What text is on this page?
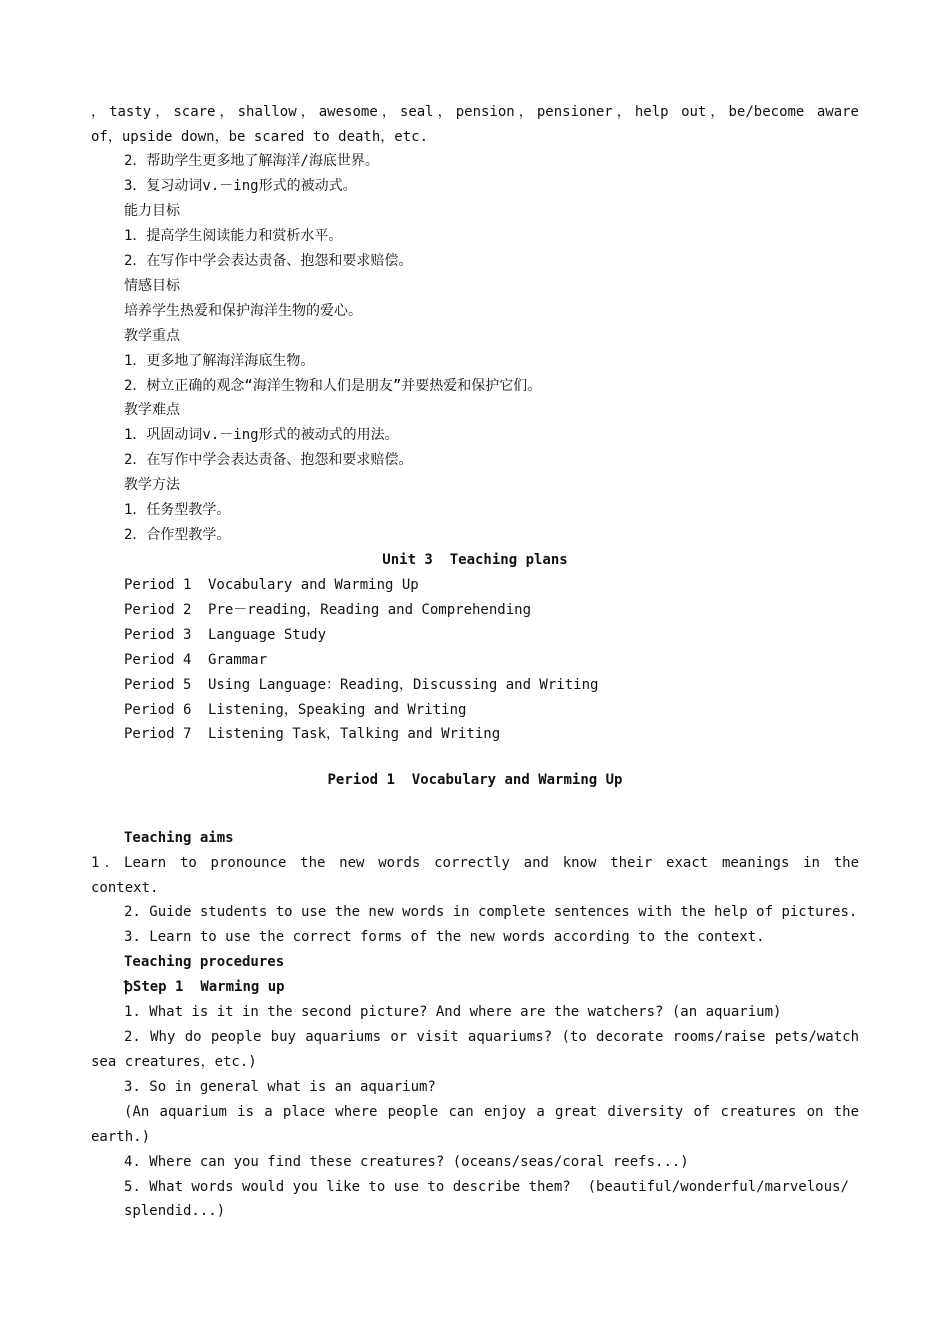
，tasty，scare，shallow，awesome，seal，pension，pensioner，help out，be/become aware
of，upside down，be scared to death，etc.
2．帮助学生更多地了解海洋/海底世界。
3．复习动词v.－ing形式的被动式。
能力目标
1．提高学生阅读能力和赏析水平。
2．在写作中学会表达责备、抱怨和要求赔偿。
情感目标
培养学生热爱和保护海洋生物的爱心。
教学重点
1．更多地了解海洋海底生物。
2．树立正确的观念“海洋生物和人们是朋友”并要热爱和保护它们。
教学难点
1．巩固动词v.－ing形式的被动式的用法。
2．在写作中学会表达责备、抱怨和要求赔偿。
教学方法
1．任务型教学。
2．合作型教学。
Unit 3  Teaching plans
Period 1 Vocabulary and Warming Up
Period 2 Pre－reading，Reading and Comprehending
Period 3 Language Study
Period 4 Grammar
Period 5 Using Language：Reading，Discussing and Writing
Period 6 Listening，Speaking and Writing
Period 7 Listening Task，Talking and Writing
Period 1  Vocabulary and Warming Up
Teaching aims
1．Learn to pronounce the new words correctly and know their exact meanings in the
context.
2. Guide students to use the new words in complete sentences with the help of pictures.
3. Learn to use the correct forms of the new words according to the context.
Teaching procedures
ꝥStep 1  Warming up
1. What is it in the second picture? And where are the watchers? (an aquarium)
2. Why do people buy aquariums or visit aquariums? (to decorate rooms/raise pets/watch
sea creatures，etc.)
3. So in general what is an aquarium?
(An aquarium is a place where people can enjoy a great diversity of creatures on the
earth.)
4. Where can you find these creatures? (oceans/seas/coral reefs...)
5. What words would you like to use to describe them?  (beautiful/wonderful/marvelous/
splendid...)
